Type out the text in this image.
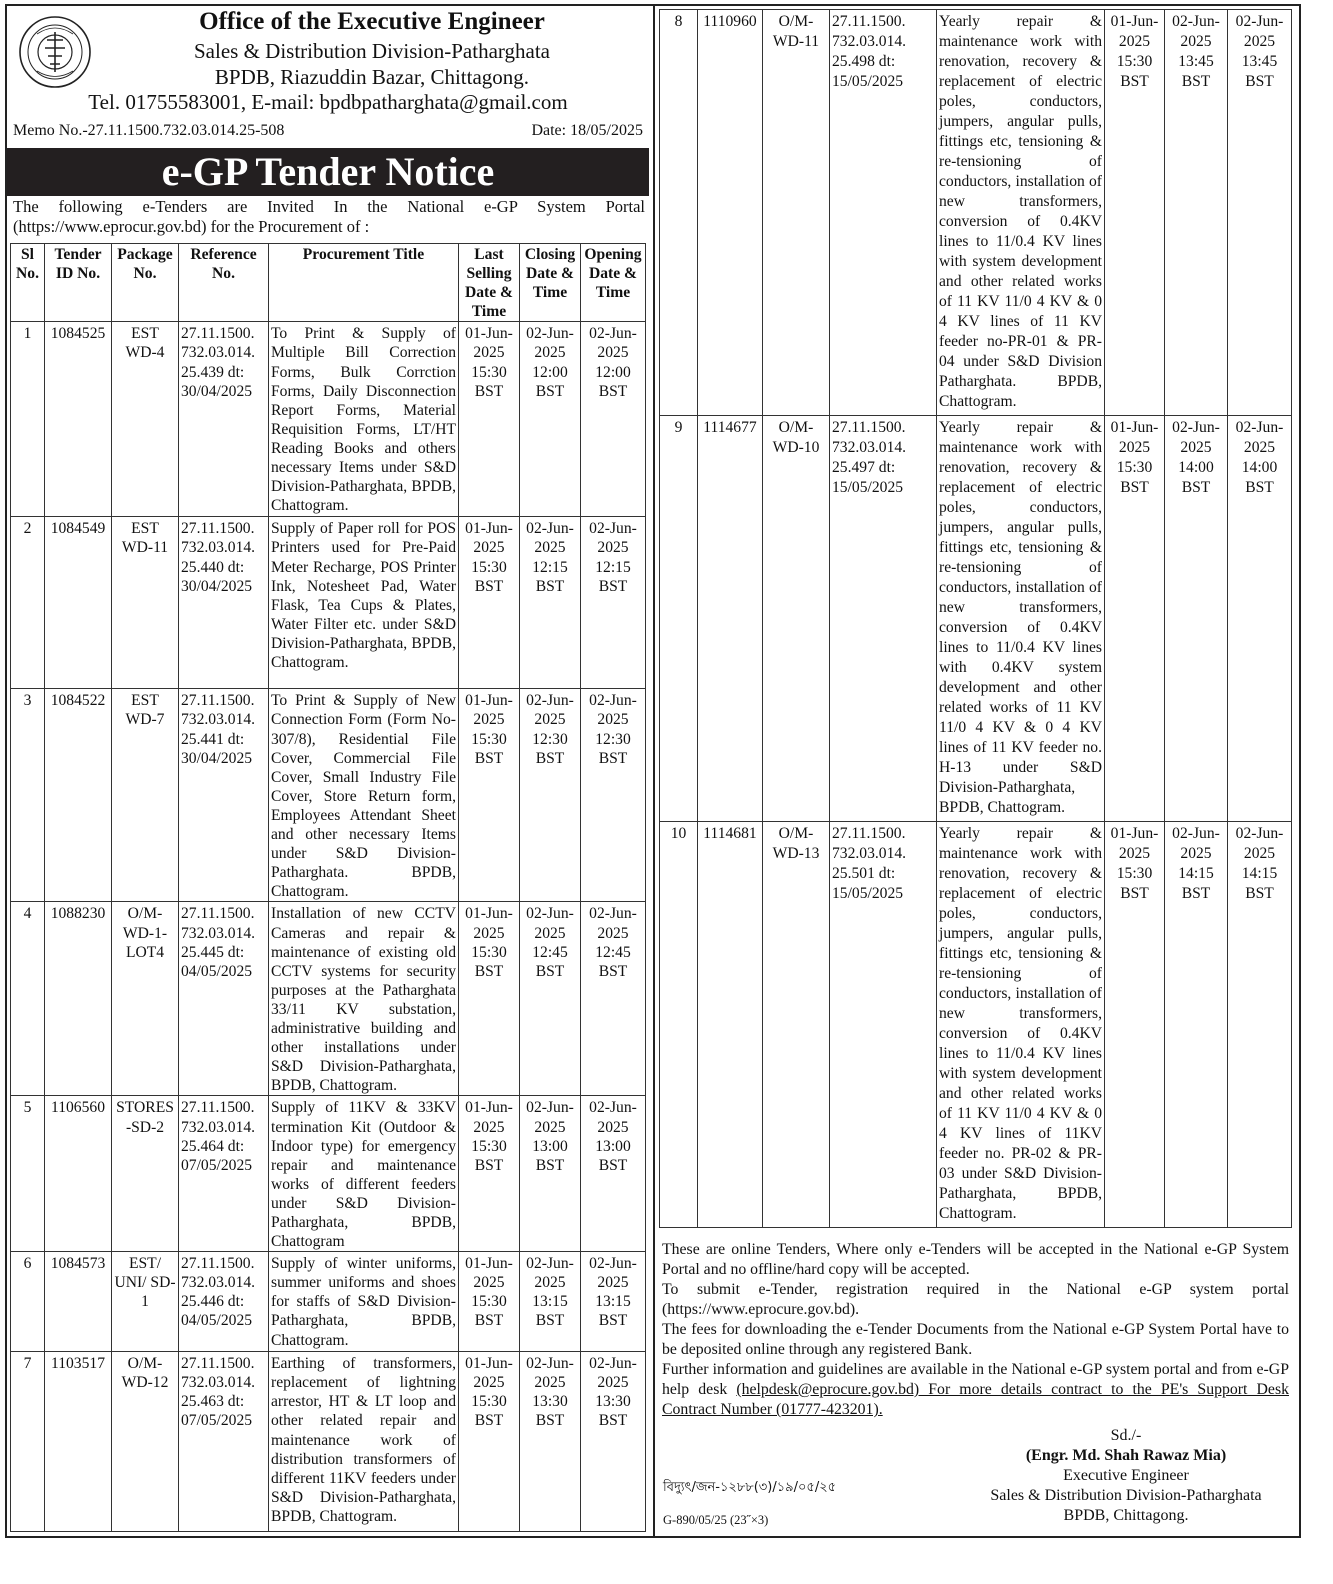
Office of the Executive Engineer
Sales & Distribution Division-Patharghata
BPDB, Riazuddin Bazar, Chittagong.
Tel. 01755583001, E-mail: bpdbpatharghata@gmail.com
Memo No.-27.11.1500.732.03.014.25-508	Date: 18/05/2025
e-GP Tender Notice
The following e-Tenders are Invited In the National e-GP System Portal (https://www.eprocur.gov.bd) for the Procurement of :
Sl No.	Tender ID No.	Package No.	Reference No.	Procurement Title	Last Selling Date & Time	Closing Date & Time	Opening Date & Time
1	1084525	EST WD-4	27.11.1500. 732.03.014. 25.439 dt: 30/04/2025	To Print & Supply of Multiple Bill Correction Forms, Bulk Corrction Forms, Daily Disconnection Report Forms, Material Requisition Forms, LT/HT Reading Books and others necessary Items under S&D Division-Patharghata, BPDB, Chattogram.	01-Jun-2025 15:30 BST	02-Jun-2025 12:00 BST	02-Jun-2025 12:00 BST
2	1084549	EST WD-11	27.11.1500. 732.03.014. 25.440 dt: 30/04/2025	Supply of Paper roll for POS Printers used for Pre-Paid Meter Recharge, POS Printer Ink, Notesheet Pad, Water Flask, Tea Cups & Plates, Water Filter etc. under S&D Division-Patharghata, BPDB, Chattogram.	01-Jun-2025 15:30 BST	02-Jun-2025 12:15 BST	02-Jun-2025 12:15 BST
3	1084522	EST WD-7	27.11.1500. 732.03.014. 25.441 dt: 30/04/2025	To Print & Supply of New Connection Form (Form No-307/8), Residential File Cover, Commercial File Cover, Small Industry File Cover, Store Return form, Employees Attendant Sheet and other necessary Items under S&D Division-Patharghata. BPDB, Chattogram.	01-Jun-2025 15:30 BST	02-Jun-2025 12:30 BST	02-Jun-2025 12:30 BST
4	1088230	O/M-WD-1-LOT4	27.11.1500. 732.03.014. 25.445 dt: 04/05/2025	Installation of new CCTV Cameras and repair & maintenance of existing old CCTV systems for security purposes at the Patharghata 33/11 KV substation, administrative building and other installations under S&D Division-Patharghata, BPDB, Chattogram.	01-Jun-2025 15:30 BST	02-Jun-2025 12:45 BST	02-Jun-2025 12:45 BST
5	1106560	STORES -SD-2	27.11.1500. 732.03.014. 25.464 dt: 07/05/2025	Supply of 11KV & 33KV termination Kit (Outdoor & Indoor type) for emergency repair and maintenance works of different feeders under S&D Division-Patharghata, BPDB, Chattogram	01-Jun-2025 15:30 BST	02-Jun-2025 13:00 BST	02-Jun-2025 13:00 BST
6	1084573	EST/ UNI/ SD-1	27.11.1500. 732.03.014. 25.446 dt: 04/05/2025	Supply of winter uniforms, summer uniforms and shoes for staffs of S&D Division-Patharghata, BPDB, Chattogram.	01-Jun-2025 15:30 BST	02-Jun-2025 13:15 BST	02-Jun-2025 13:15 BST
7	1103517	O/M-WD-12	27.11.1500. 732.03.014. 25.463 dt: 07/05/2025	Earthing of transformers, replacement of lightning arrestor, HT & LT loop and other related repair and maintenance work of distribution transformers of different 11KV feeders under S&D Division-Patharghata, BPDB, Chattogram.	01-Jun-2025 15:30 BST	02-Jun-2025 13:30 BST	02-Jun-2025 13:30 BST
8	1110960	O/M-WD-11	27.11.1500. 732.03.014. 25.498 dt: 15/05/2025	Yearly repair & maintenance work with renovation, recovery & replacement of electric poles, conductors, jumpers, angular pulls, fittings etc, tensioning & re-tensioning of conductors, installation of new transformers, conversion of 0.4KV lines to 11/0.4 KV lines with system development and other related works of 11 KV 11/0 4 KV & 0 4 KV lines of 11 KV feeder no-PR-01 & PR-04 under S&D Division Patharghata. BPDB, Chattogram.	01-Jun-2025 15:30 BST	02-Jun-2025 13:45 BST	02-Jun-2025 13:45 BST
9	1114677	O/M-WD-10	27.11.1500. 732.03.014. 25.497 dt: 15/05/2025	Yearly repair & maintenance work with renovation, recovery & replacement of electric poles, conductors, jumpers, angular pulls, fittings etc, tensioning & re-tensioning of conductors, installation of new transformers, conversion of 0.4KV lines to 11/0.4 KV lines with 0.4KV system development and other related works of 11 KV 11/0 4 KV & 0 4 KV lines of 11 KV feeder no. H-13 under S&D Division-Patharghata, BPDB, Chattogram.	01-Jun-2025 15:30 BST	02-Jun-2025 14:00 BST	02-Jun-2025 14:00 BST
10	1114681	O/M-WD-13	27.11.1500. 732.03.014. 25.501 dt: 15/05/2025	Yearly repair & maintenance work with renovation, recovery & replacement of electric poles, conductors, jumpers, angular pulls, fittings etc, tensioning & re-tensioning of conductors, installation of new transformers, conversion of 0.4KV lines to 11/0.4 KV lines with system development and other related works of 11 KV 11/0 4 KV & 0 4 KV lines of 11KV feeder no. PR-02 & PR-03 under S&D Division-Patharghata, BPDB, Chattogram.	01-Jun-2025 15:30 BST	02-Jun-2025 14:15 BST	02-Jun-2025 14:15 BST

These are online Tenders, Where only e-Tenders will be accepted in the National e-GP System Portal and no offline/hard copy will be accepted.

To submit e-Tender, registration required in the National e-GP system portal (https://www.eprocure.gov.bd).

The fees for downloading the e-Tender Documents from the National e-GP System Portal have to be deposited online through any registered Bank.

Further information and guidelines are available in the National e-GP system portal and from e-GP help desk (helpdesk@eprocure.gov.bd) For more details contract to the PE's Support Desk Contract Number (01777-423201).

Sd./-
(Engr. Md. Shah Rawaz Mia)
Executive Engineer
Sales & Distribution Division-Patharghata
BPDB, Chittagong.
বিদ্যুৎ/জন-১২৮৮(৩)/১৯/০৫/২৫
G-890/05/25 (23˝×3)
